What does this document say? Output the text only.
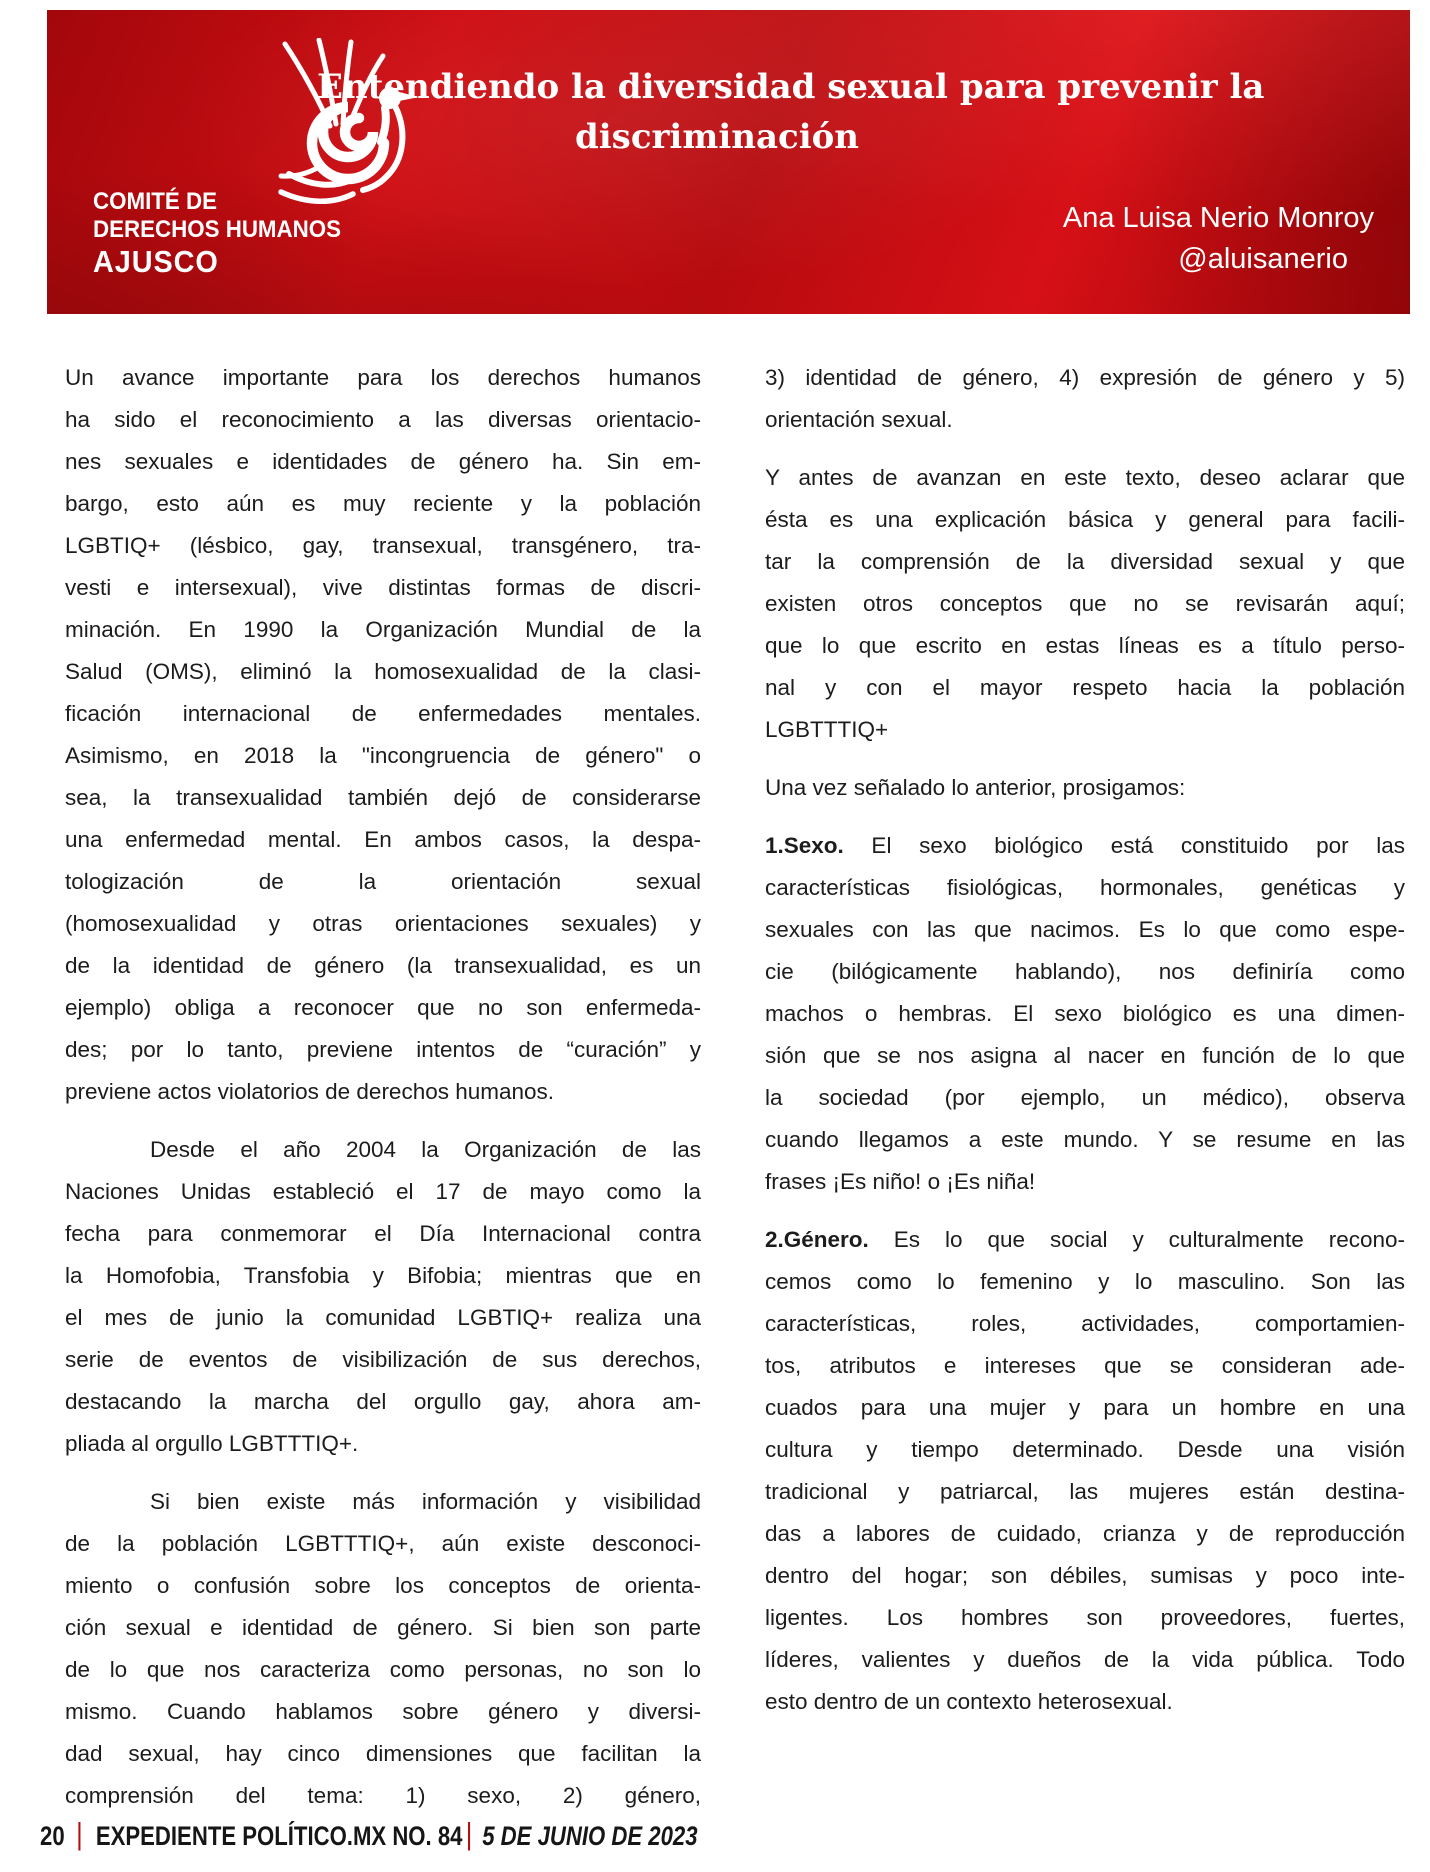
COMITÉ DE
DERECHOS HUMANOS
AJUSCO
Entendiendo la diversidad sexual para prevenir la
discriminación
Ana Luisa Nerio Monroy
@aluisanerio
Un avance importante para los derechos humanos
ha sido el reconocimiento a las diversas orientacio-
nes sexuales e identidades de género ha. Sin em-
bargo, esto aún es muy reciente y la población
LGBTIQ+ (lésbico, gay, transexual, transgénero, tra-
vesti e intersexual), vive distintas formas de discri-
minación. En 1990 la Organización Mundial de la
Salud (OMS), eliminó la homosexualidad de la clasi-
ficación internacional de enfermedades mentales.
Asimismo, en 2018 la "incongruencia de género" o
sea, la transexualidad también dejó de considerarse
una enfermedad mental. En ambos casos, la despa-
tologización de la orientación sexual
(homosexualidad y otras orientaciones sexuales) y
de la identidad de género (la transexualidad, es un
ejemplo) obliga a reconocer que no son enfermeda-
des; por lo tanto, previene intentos de “curación” y
previene actos violatorios de derechos humanos.
Desde el año 2004 la Organización de las
Naciones Unidas estableció el 17 de mayo como la
fecha para conmemorar el Día Internacional contra
la Homofobia, Transfobia y Bifobia; mientras que en
el mes de junio la comunidad LGBTIQ+ realiza una
serie de eventos de visibilización de sus derechos,
destacando la marcha del orgullo gay, ahora am-
pliada al orgullo LGBTTTIQ+.
Si bien existe más información y visibilidad
de la población LGBTTTIQ+, aún existe desconoci-
miento o confusión sobre los conceptos de orienta-
ción sexual e identidad de género. Si bien son parte
de lo que nos caracteriza como personas, no son lo
mismo. Cuando hablamos sobre género y diversi-
dad sexual, hay cinco dimensiones que facilitan la
comprensión del tema: 1) sexo, 2) género,
3) identidad de género, 4) expresión de género y 5)
orientación sexual.
Y antes de avanzan en este texto, deseo aclarar que
ésta es una explicación básica y general para facili-
tar la comprensión de la diversidad sexual y que
existen otros conceptos que no se revisarán aquí;
que lo que escrito en estas líneas es a título perso-
nal y con el mayor respeto hacia la población
LGBTTTIQ+
Una vez señalado lo anterior, prosigamos:
1.Sexo. El sexo biológico está constituido por las
características fisiológicas, hormonales, genéticas y
sexuales con las que nacimos. Es lo que como espe-
cie (bilógicamente hablando), nos definiría como
machos o hembras. El sexo biológico es una dimen-
sión que se nos asigna al nacer en función de lo que
la sociedad (por ejemplo, un médico), observa
cuando llegamos a este mundo. Y se resume en las
frases ¡Es niño! o ¡Es niña!
2.Género. Es lo que social y culturalmente recono-
cemos como lo femenino y lo masculino. Son las
características, roles, actividades, comportamien-
tos, atributos e intereses que se consideran ade-
cuados para una mujer y para un hombre en una
cultura y tiempo determinado. Desde una visión
tradicional y patriarcal, las mujeres están destina-
das a labores de cuidado, crianza y de reproducción
dentro del hogar; son débiles, sumisas y poco inte-
ligentes. Los hombres son proveedores, fuertes,
líderes, valientes y dueños de la vida pública. Todo
esto dentro de un contexto heterosexual.
20 | EXPEDIENTE POLÍTICO.MX NO. 84 | 5 DE JUNIO DE 2023
